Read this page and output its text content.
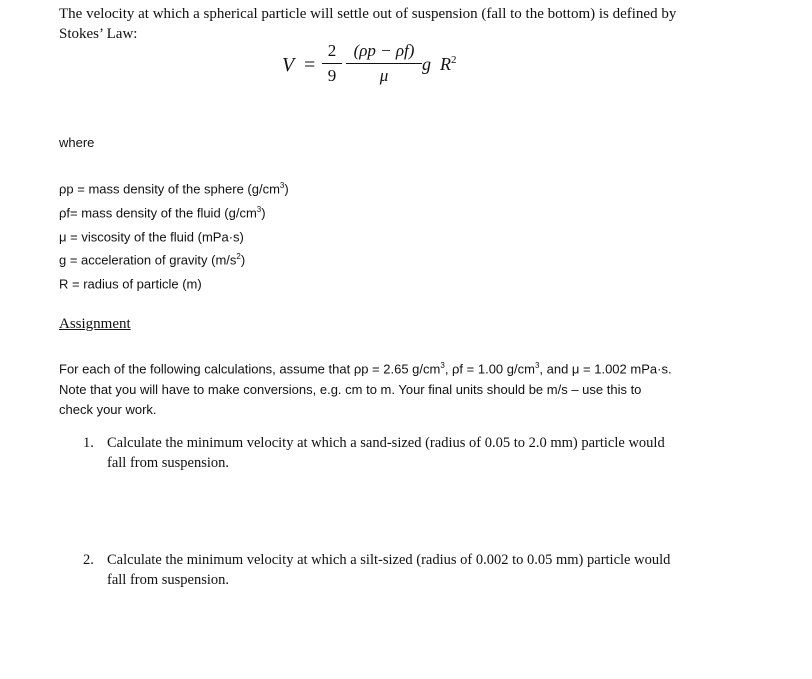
The velocity at which a spherical particle will settle out of suspension (fall to the bottom) is defined by
Stokes’ Law:
V =
2
9
(ρp − ρf)
μ
g $R^2$
where
ρp = mass density of the sphere $(g/cm^3)$
ρf= mass density of the fluid $(g/cm^3)$
μ = viscosity of the fluid (mPa·s)
g = acceleration of gravity $(m/s^2)$
R = radius of particle (m)
Assignment
For each of the following calculations, assume that ρp = 2.65 $g/cm^3$, ρf = 1.00 $g/cm^3$, and μ = 1.002 mPa·s.
Note that you will have to make conversions, e.g. cm to m. Your final units should be m/s – use this to
check your work.
1. Calculate the minimum velocity at which a sand-sized (radius of 0.05 to 2.0 mm) particle would
fall from suspension.
2. Calculate the minimum velocity at which a silt-sized (radius of 0.002 to 0.05 mm) particle would
fall from suspension.
